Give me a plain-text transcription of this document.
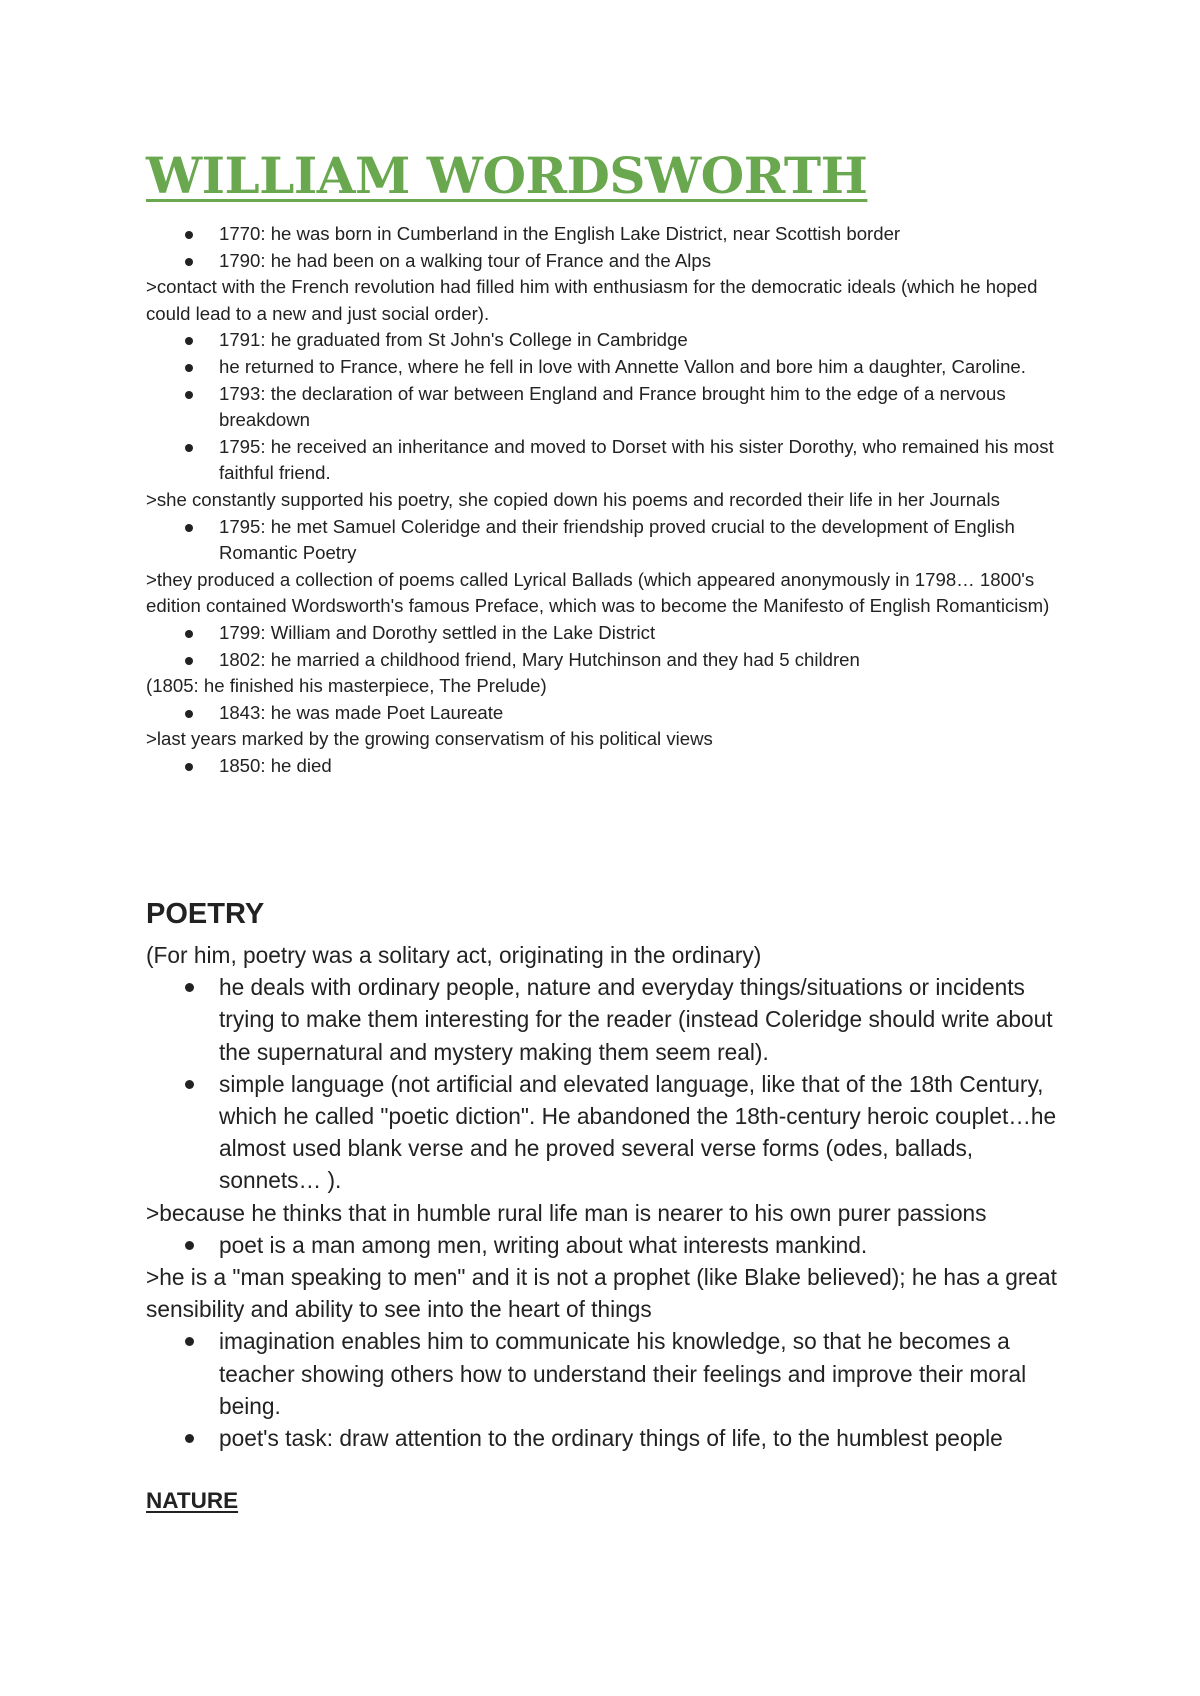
WILLIAM WORDSWORTH
1770: he was born in Cumberland in the English Lake District, near Scottish border
1790: he had been on a walking tour of France and the Alps

>contact with the French revolution had filled him with enthusiasm for the democratic ideals (which he hoped could lead to a new and just social order).

1791: he graduated from St John's College in Cambridge
he returned to France, where he fell in love with Annette Vallon and bore him a daughter, Caroline.
1793: the declaration of war between England and France brought him to the edge of a nervous breakdown
1795: he received an inheritance and moved to Dorset with his sister Dorothy, who remained his most faithful friend.

>she constantly supported his poetry, she copied down his poems and recorded their life in her Journals

1795: he met Samuel Coleridge and their friendship proved crucial to the development of English Romantic Poetry

>they produced a collection of poems called Lyrical Ballads (which appeared anonymously in 1798… 1800's edition contained Wordsworth's famous Preface, which was to become the Manifesto of English Romanticism)

1799: William and Dorothy settled in the Lake District
1802: he married a childhood friend, Mary Hutchinson and they had 5 children

(1805: he finished his masterpiece, The Prelude)

1843: he was made Poet Laureate

>last years marked by the growing conservatism of his political views

1850: he died
POETRY

(For him, poetry was a solitary act, originating in the ordinary)

he deals with ordinary people, nature and everyday things/situations or incidents trying to make them interesting for the reader (instead Coleridge should write about the supernatural and mystery making them seem real).
simple language (not artificial and elevated language, like that of the 18th Century, which he called "poetic diction". He abandoned the 18th-century heroic couplet…he almost used blank verse and he proved several verse forms (odes, ballads, sonnets… ).

>because he thinks that in humble rural life man is nearer to his own purer passions

poet is a man among men, writing about what interests mankind.

>he is a "man speaking to men" and it is not a prophet (like Blake believed); he has a great sensibility and ability to see into the heart of things

imagination enables him to communicate his knowledge, so that he becomes a teacher showing others how to understand their feelings and improve their moral being.
poet's task: draw attention to the ordinary things of life, to the humblest people
NATURE
